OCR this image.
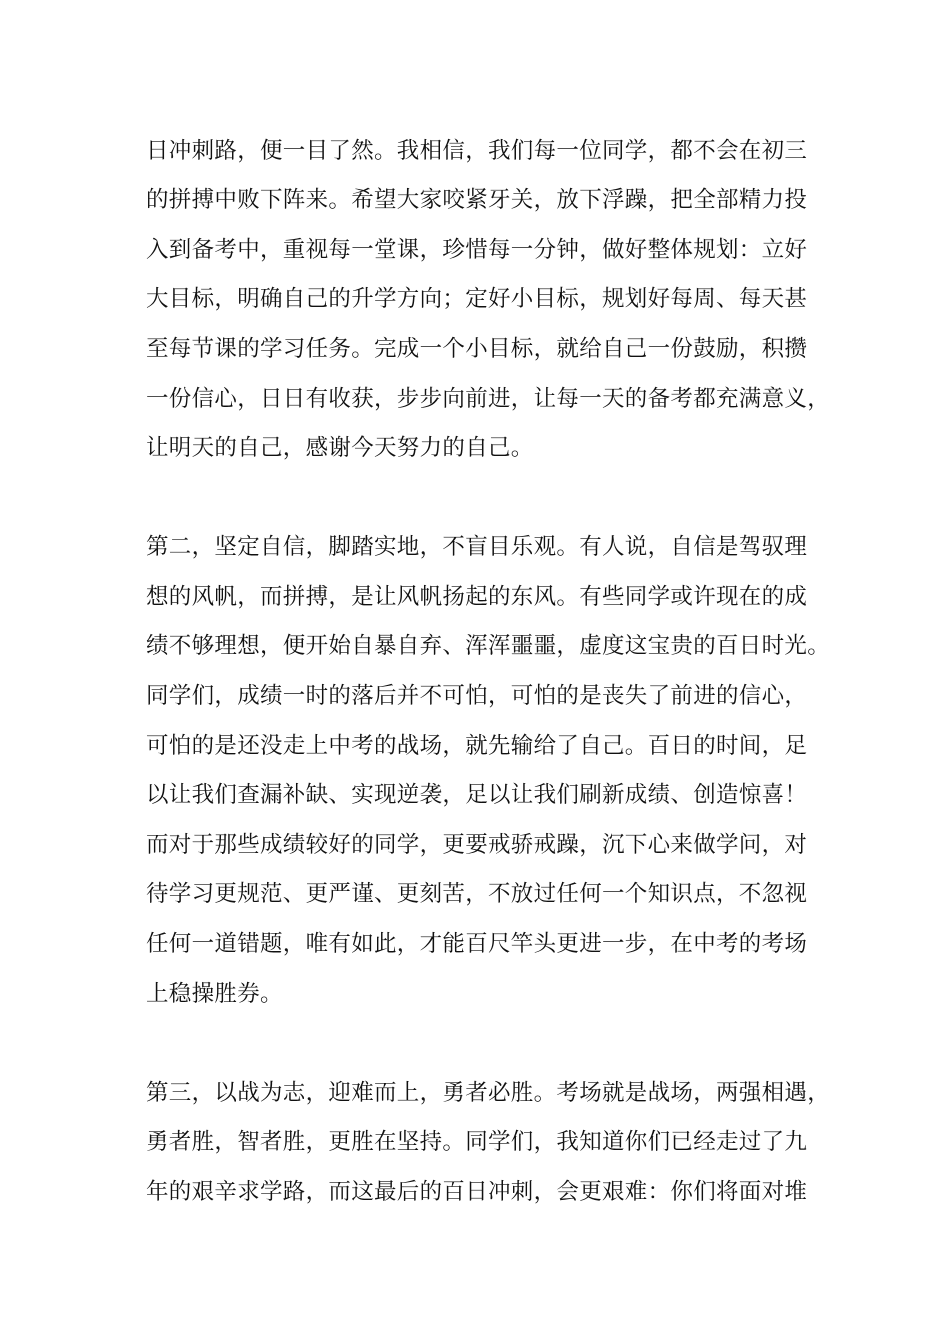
日冲刺路，便一目了然。我相信，我们每一位同学，都不会在初三
的拼搏中败下阵来。希望大家咬紧牙关，放下浮躁，把全部精力投
入到备考中，重视每一堂课，珍惜每一分钟，做好整体规划：立好
大目标，明确自己的升学方向；定好小目标，规划好每周、每天甚
至每节课的学习任务。完成一个小目标，就给自己一份鼓励，积攒
一份信心，日日有收获，步步向前进，让每一天的备考都充满意义，
让明天的自己，感谢今天努力的自己。
第二，坚定自信，脚踏实地，不盲目乐观。有人说，自信是驾驭理
想的风帆，而拼搏，是让风帆扬起的东风。有些同学或许现在的成
绩不够理想，便开始自暴自弃、浑浑噩噩，虚度这宝贵的百日时光。
同学们，成绩一时的落后并不可怕，可怕的是丧失了前进的信心，
可怕的是还没走上中考的战场，就先输给了自己。百日的时间，足
以让我们查漏补缺、实现逆袭，足以让我们刷新成绩、创造惊喜！
而对于那些成绩较好的同学，更要戒骄戒躁，沉下心来做学问，对
待学习更规范、更严谨、更刻苦，不放过任何一个知识点，不忽视
任何一道错题，唯有如此，才能百尺竿头更进一步，在中考的考场
上稳操胜券。
第三，以战为志，迎难而上，勇者必胜。考场就是战场，两强相遇，
勇者胜，智者胜，更胜在坚持。同学们，我知道你们已经走过了九
年的艰辛求学路，而这最后的百日冲刺，会更艰难：你们将面对堆
